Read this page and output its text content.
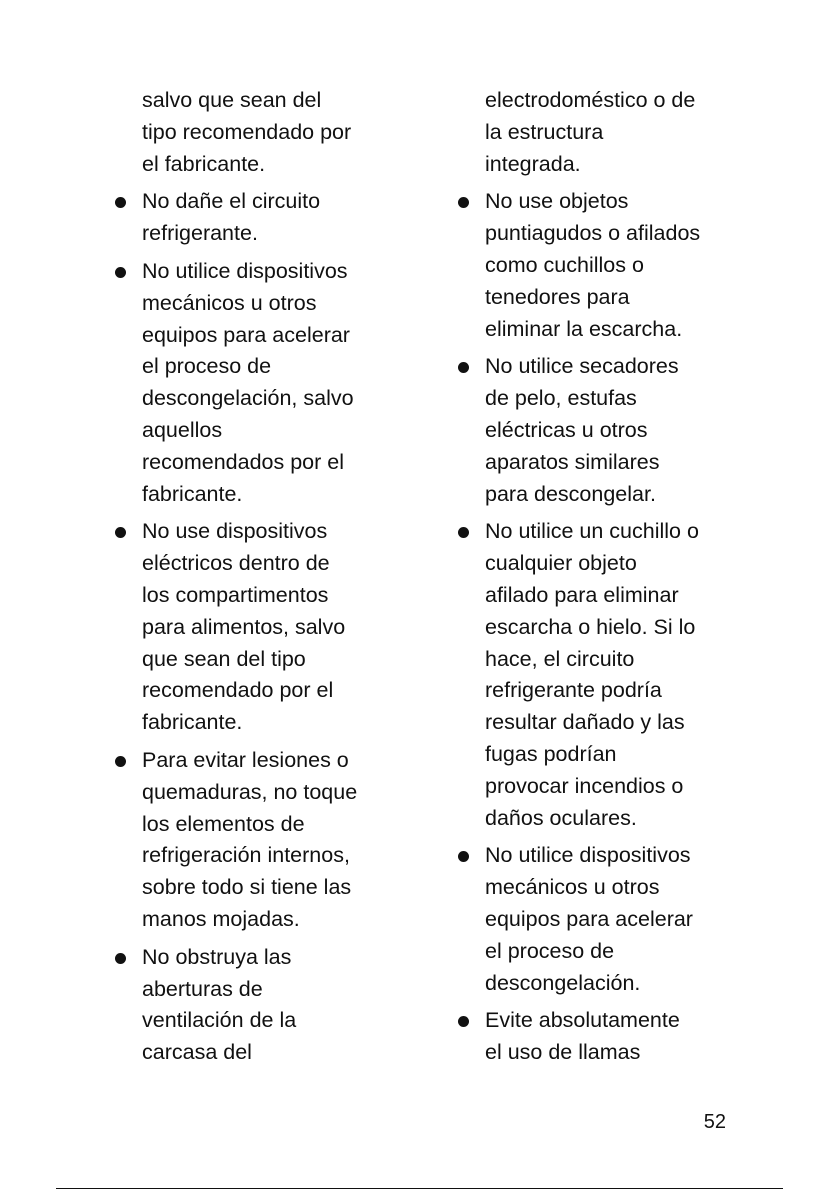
salvo que sean del
tipo recomendado por
el fabricante.
No dañe el circuito
refrigerante.
No utilice dispositivos
mecánicos u otros
equipos para acelerar
el proceso de
descongelación, salvo
aquellos
recomendados por el
fabricante.
No use dispositivos
eléctricos dentro de
los compartimentos
para alimentos, salvo
que sean del tipo
recomendado por el
fabricante.
Para evitar lesiones o
quemaduras, no toque
los elementos de
refrigeración internos,
sobre todo si tiene las
manos mojadas.
No obstruya las
aberturas de
ventilación de la
carcasa del
electrodoméstico o de
la estructura
integrada.
No use objetos
puntiagudos o afilados
como cuchillos o
tenedores para
eliminar la escarcha.
No utilice secadores
de pelo, estufas
eléctricas u otros
aparatos similares
para descongelar.
No utilice un cuchillo o
cualquier objeto
afilado para eliminar
escarcha o hielo. Si lo
hace, el circuito
refrigerante podría
resultar dañado y las
fugas podrían
provocar incendios o
daños oculares.
No utilice dispositivos
mecánicos u otros
equipos para acelerar
el proceso de
descongelación.
Evite absolutamente
el uso de llamas
52
